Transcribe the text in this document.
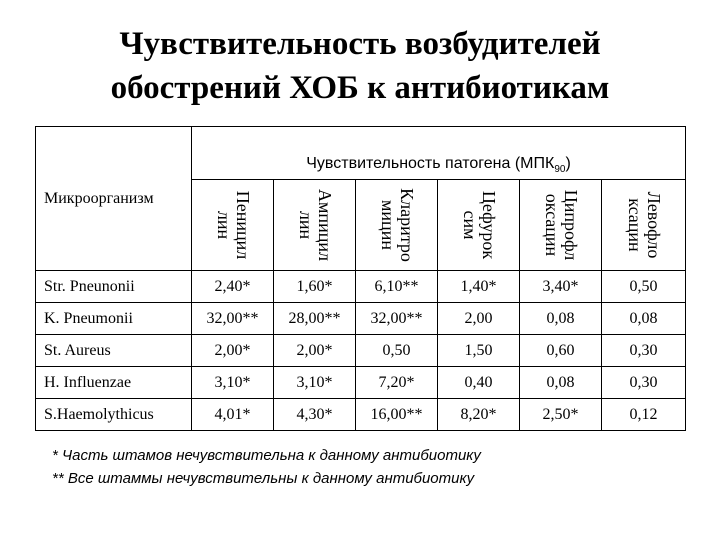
Чувствительность возбудителей
обострений ХОБ к антибиотикам
Микроорганизм	Чувствительность патогена $(МПК_{90})$					

	Пеницил лин	Ампицил лин	Кларитро мицин	Цефурок сим	Ципрофл оксацин	Левофло ксацин

Str. Pneunonii	2,40*	1,60*	6,10**	1,40*	3,40*	0,50
K. Pneumonii	32,00**	28,00**	32,00**	2,00	0,08	0,08
St. Aureus	2,00*	2,00*	0,50	1,50	0,60	0,30
H. Influenzae	3,10*	3,10*	7,20*	0,40	0,08	0,30
S.Haemolythicus	4,01*	4,30*	16,00**	8,20*	2,50*	0,12
* Часть штамов нечувствительна к данному антибиотику
** Все штаммы нечувствительны к данному антибиотику
